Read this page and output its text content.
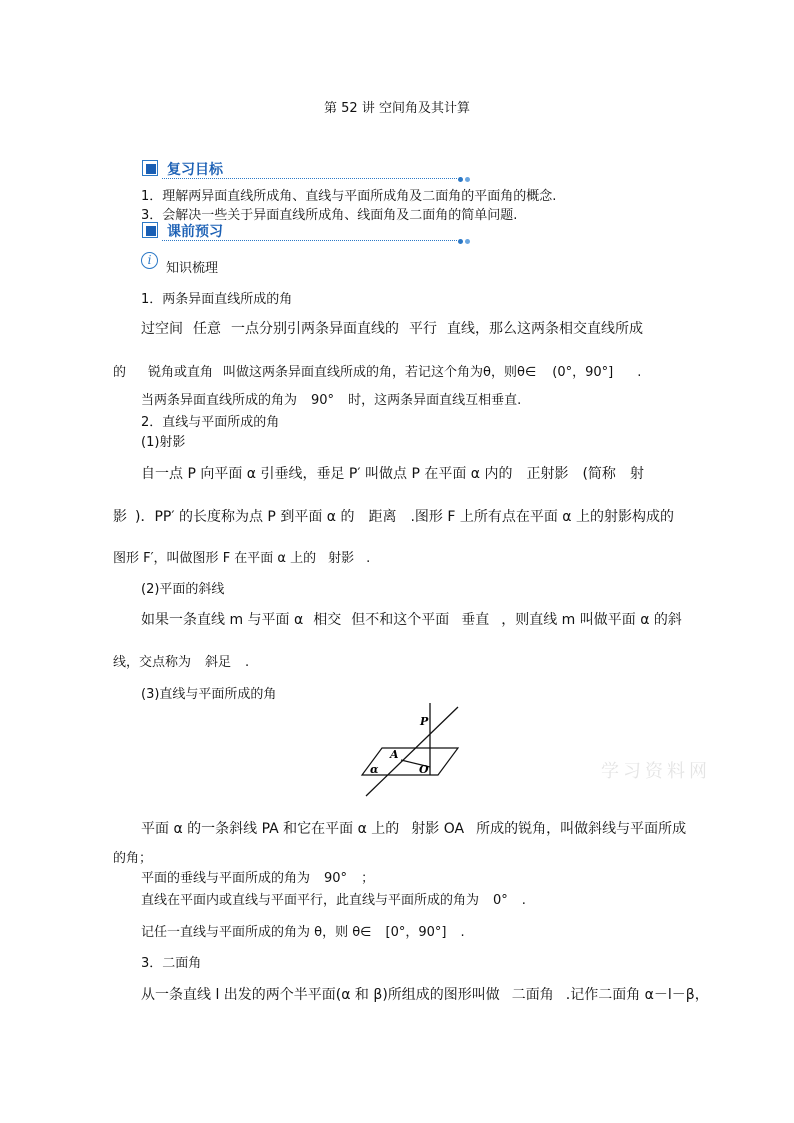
第 52 讲 空间角及其计算
复习目标
1．理解两异面直线所成角、直线与平面所成角及二面角的平面角的概念.
3．会解决一些关于异面直线所成角、线面角及二面角的简单问题.
课前预习
i
知识梳理
1．两条异面直线所成的角
过空间 任意 一点分别引两条异面直线的 平行 直线，那么这两条相交直线所成
的 锐角或直角 叫做这两条异面直线所成的角，若记这个角为θ，则θ∈ (0°，90°] .
当两条异面直线所成的角为 90° 时，这两条异面直线互相垂直.
2．直线与平面所成的角
(1)射影
自一点 P 向平面 α 引垂线，垂足 P′ 叫做点 P 在平面 α 内的 正射影 (简称 射
影 )．PP′ 的长度称为点 P 到平面 α 的 距离 .图形 F 上所有点在平面 α 上的射影构成的
图形 F′，叫做图形 F 在平面 α 上的 射影 .
(2)平面的斜线
如果一条直线 m 与平面 α 相交 但不和这个平面 垂直 ，则直线 m 叫做平面 α 的斜
线，交点称为 斜足 .
(3)直线与平面所成的角
P
A
O
α	学习资料网
平面 α 的一条斜线 PA 和它在平面 α 上的 射影 OA 所成的锐角，叫做斜线与平面所成
的角；
平面的垂线与平面所成的角为 90° ；
直线在平面内或直线与平面平行，此直线与平面所成的角为 0° .
记任一直线与平面所成的角为 θ，则 θ∈ [0°，90°] .
3．二面角
从一条直线 l 出发的两个半平面(α 和 β)所组成的图形叫做 二面角 .记作二面角 α－l－β，
